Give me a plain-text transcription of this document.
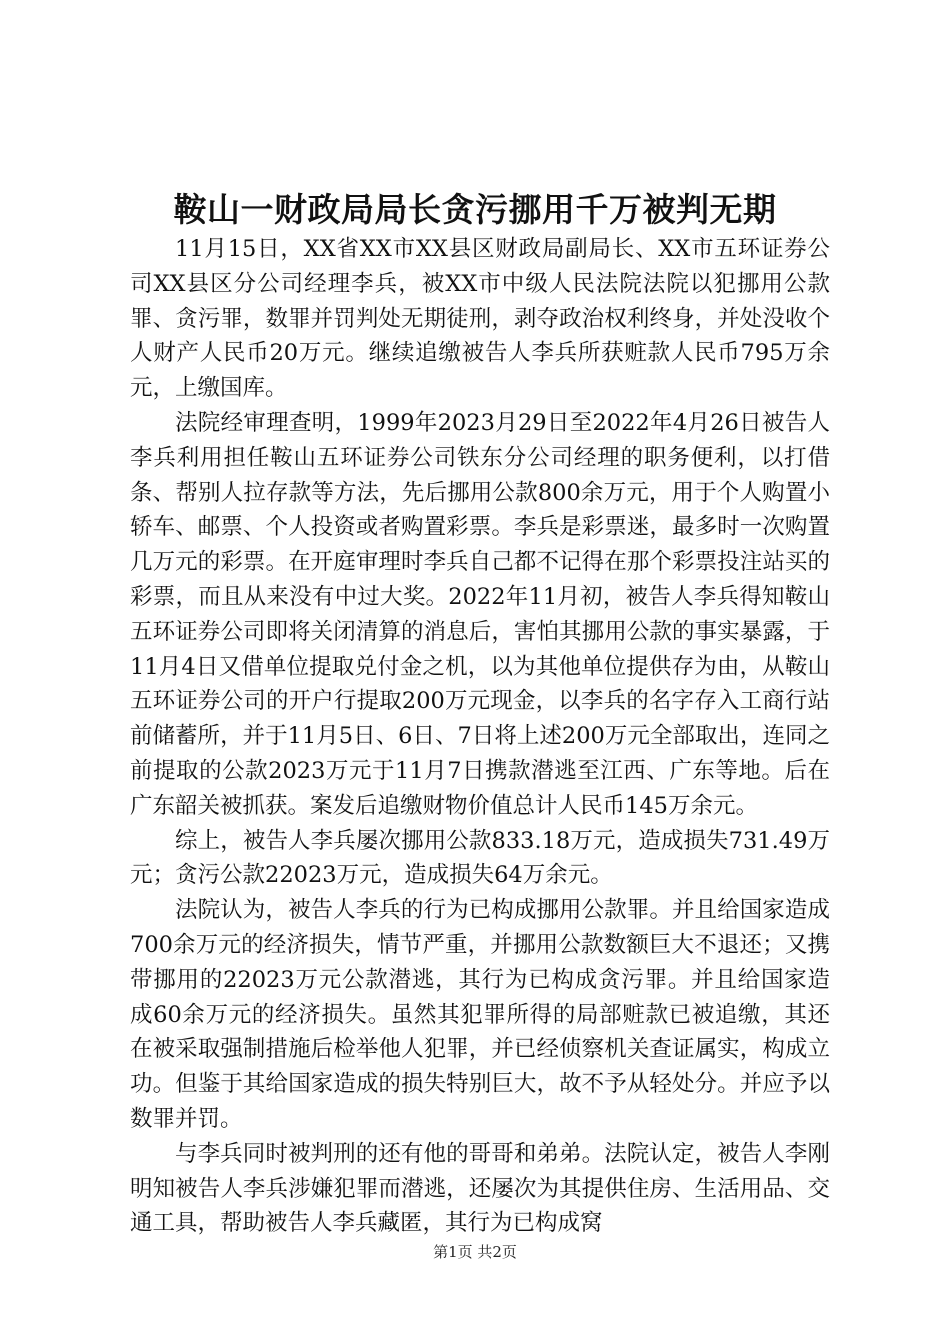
鞍山一财政局局长贪污挪用千万被判无期

11月15日，XX省XX市XX县区财政局副局长、XX市五环证券公司XX县区分公司经理李兵，被XX市中级人民法院法院以犯挪用公款罪、贪污罪，数罪并罚判处无期徒刑，剥夺政治权利终身，并处没收个人财产人民币20万元。继续追缴被告人李兵所获赃款人民币795万余元，上缴国库。

法院经审理查明，1999年2023月29日至2022年4月26日被告人李兵利用担任鞍山五环证券公司铁东分公司经理的职务便利，以打借条、帮别人拉存款等方法，先后挪用公款800余万元，用于个人购置小轿车、邮票、个人投资或者购置彩票。李兵是彩票迷，最多时一次购置几万元的彩票。在开庭审理时李兵自己都不记得在那个彩票投注站买的彩票，而且从来没有中过大奖。2022年11月初，被告人李兵得知鞍山五环证券公司即将关闭清算的消息后，害怕其挪用公款的事实暴露，于11月4日又借单位提取兑付金之机，以为其他单位提供存为由，从鞍山五环证券公司的开户行提取200万元现金，以李兵的名字存入工商行站前储蓄所，并于11月5日、6日、7日将上述200万元全部取出，连同之前提取的公款2023万元于11月7日携款潜逃至江西、广东等地。后在广东韶关被抓获。案发后追缴财物价值总计人民币145万余元。

综上，被告人李兵屡次挪用公款833.18万元，造成损失731.49万元；贪污公款22023万元，造成损失64万余元。

法院认为，被告人李兵的行为已构成挪用公款罪。并且给国家造成700余万元的经济损失，情节严重，并挪用公款数额巨大不退还；又携带挪用的22023万元公款潜逃，其行为已构成贪污罪。并且给国家造成60余万元的经济损失。虽然其犯罪所得的局部赃款已被追缴，其还在被采取强制措施后检举他人犯罪，并已经侦察机关查证属实，构成立功。但鉴于其给国家造成的损失特别巨大，故不予从轻处分。并应予以数罪并罚。

与李兵同时被判刑的还有他的哥哥和弟弟。法院认定，被告人李刚明知被告人李兵涉嫌犯罪而潜逃，还屡次为其提供住房、生活用品、交通工具，帮助被告人李兵藏匿，其行为已构成窝

第1页 共2页
